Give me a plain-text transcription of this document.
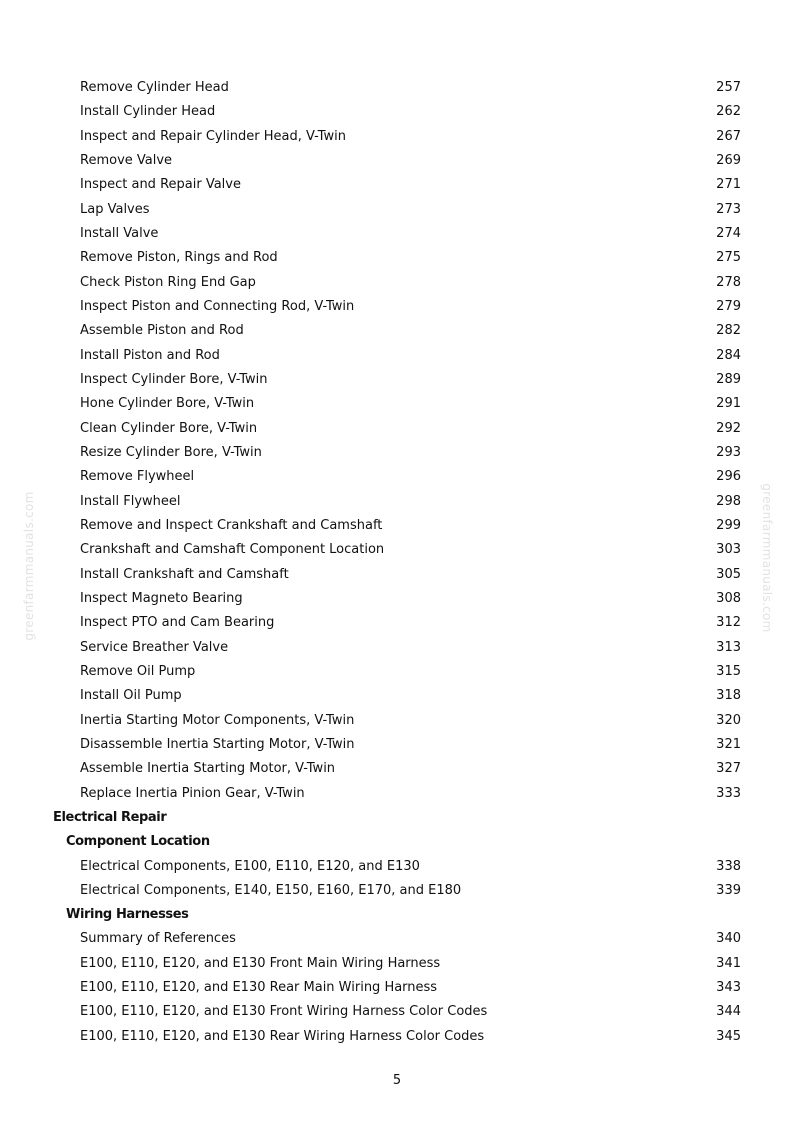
Remove Cylinder Head	257
Install Cylinder Head	262
Inspect and Repair Cylinder Head, V-Twin	267
Remove Valve	269
Inspect and Repair Valve	271
Lap Valves	273
Install Valve	274
Remove Piston, Rings and Rod	275
Check Piston Ring End Gap	278
Inspect Piston and Connecting Rod, V-Twin	279
Assemble Piston and Rod	282
Install Piston and Rod	284
Inspect Cylinder Bore, V-Twin	289
Hone Cylinder Bore, V-Twin	291
Clean Cylinder Bore, V-Twin	292
Resize Cylinder Bore, V-Twin	293
Remove Flywheel	296
Install Flywheel	298
Remove and Inspect Crankshaft and Camshaft	299
Crankshaft and Camshaft Component Location	303
Install Crankshaft and Camshaft	305
Inspect Magneto Bearing	308
Inspect PTO and Cam Bearing	312
Service Breather Valve	313
Remove Oil Pump	315
Install Oil Pump	318
Inertia Starting Motor Components, V-Twin	320
Disassemble Inertia Starting Motor, V-Twin	321
Assemble Inertia Starting Motor, V-Twin	327
Replace Inertia Pinion Gear, V-Twin	333
Electrical Repair
Component Location
Electrical Components, E100, E110, E120, and E130	338
Electrical Components, E140, E150, E160, E170, and E180	339
Wiring Harnesses
Summary of References	340
E100, E110, E120, and E130 Front Main Wiring Harness	341
E100, E110, E120, and E130 Rear Main Wiring Harness	343
E100, E110, E120, and E130 Front Wiring Harness Color Codes	344
E100, E110, E120, and E130 Rear Wiring Harness Color Codes	345
greenfarmmanuals.com	greenfarmmanuals.com
5
